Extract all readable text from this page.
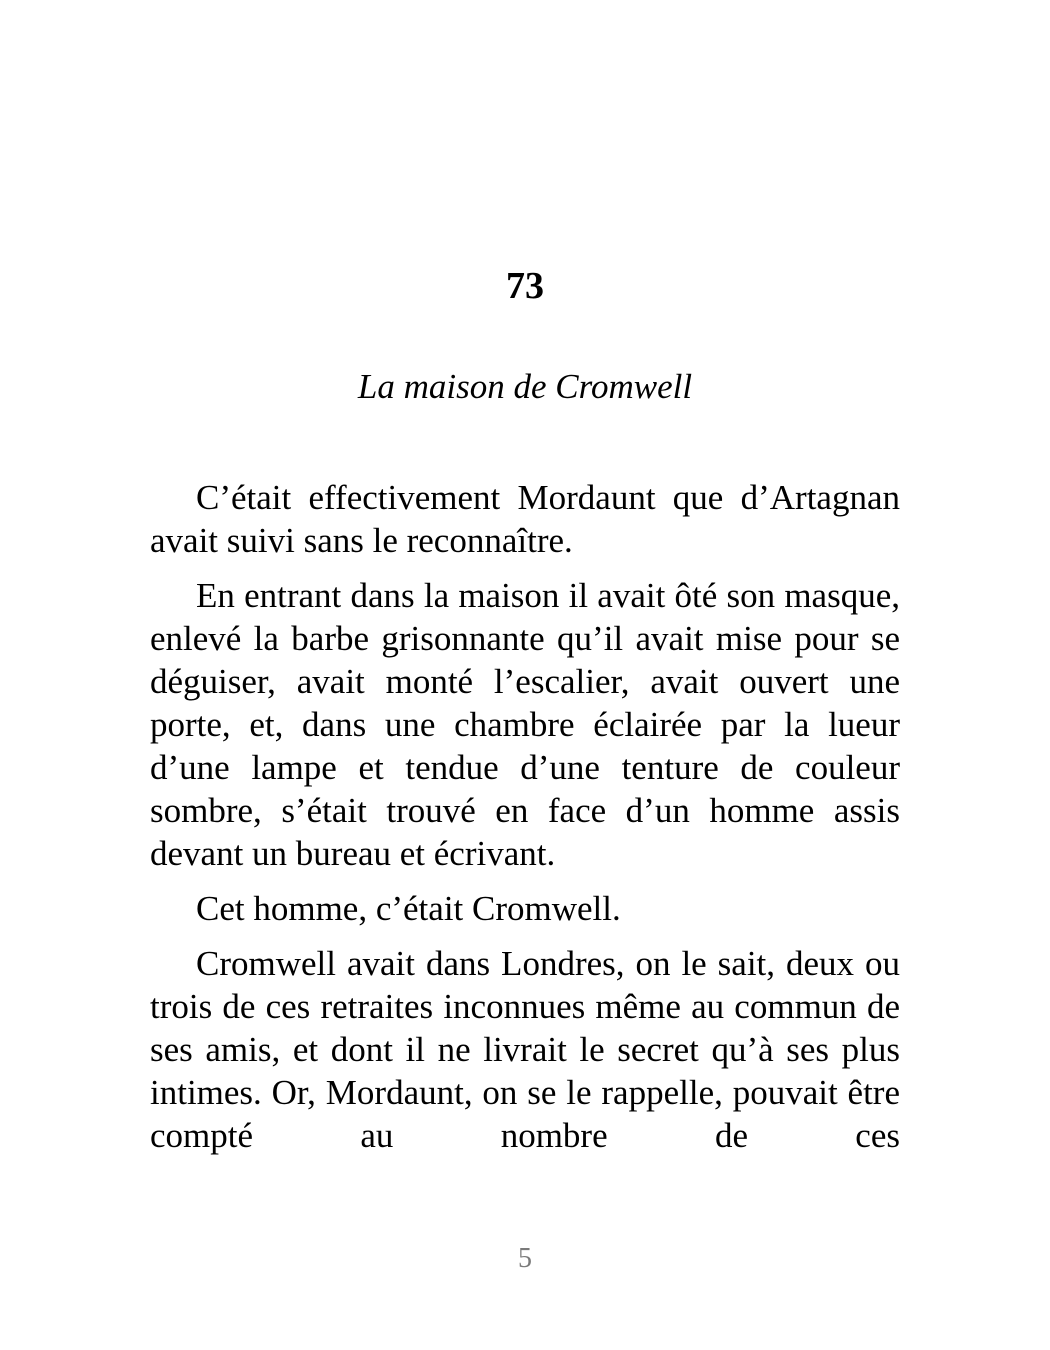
73
La maison de Cromwell

C’était effectivement Mordaunt que d’Artagnan avait suivi sans le reconnaître.

En entrant dans la maison il avait ôté son masque, enlevé la barbe grisonnante qu’il avait mise pour se déguiser, avait monté l’escalier, avait ouvert une porte, et, dans une chambre éclairée par la lueur d’une lampe et tendue d’une tenture de couleur sombre, s’était trouvé en face d’un homme assis devant un bureau et écrivant.

Cet homme, c’était Cromwell.

Cromwell avait dans Londres, on le sait, deux ou trois de ces retraites inconnues même au commun de ses amis, et dont il ne livrait le secret qu’à ses plus intimes. Or, Mordaunt, on se le rappelle, pouvait être compté au nombre de ces

5
